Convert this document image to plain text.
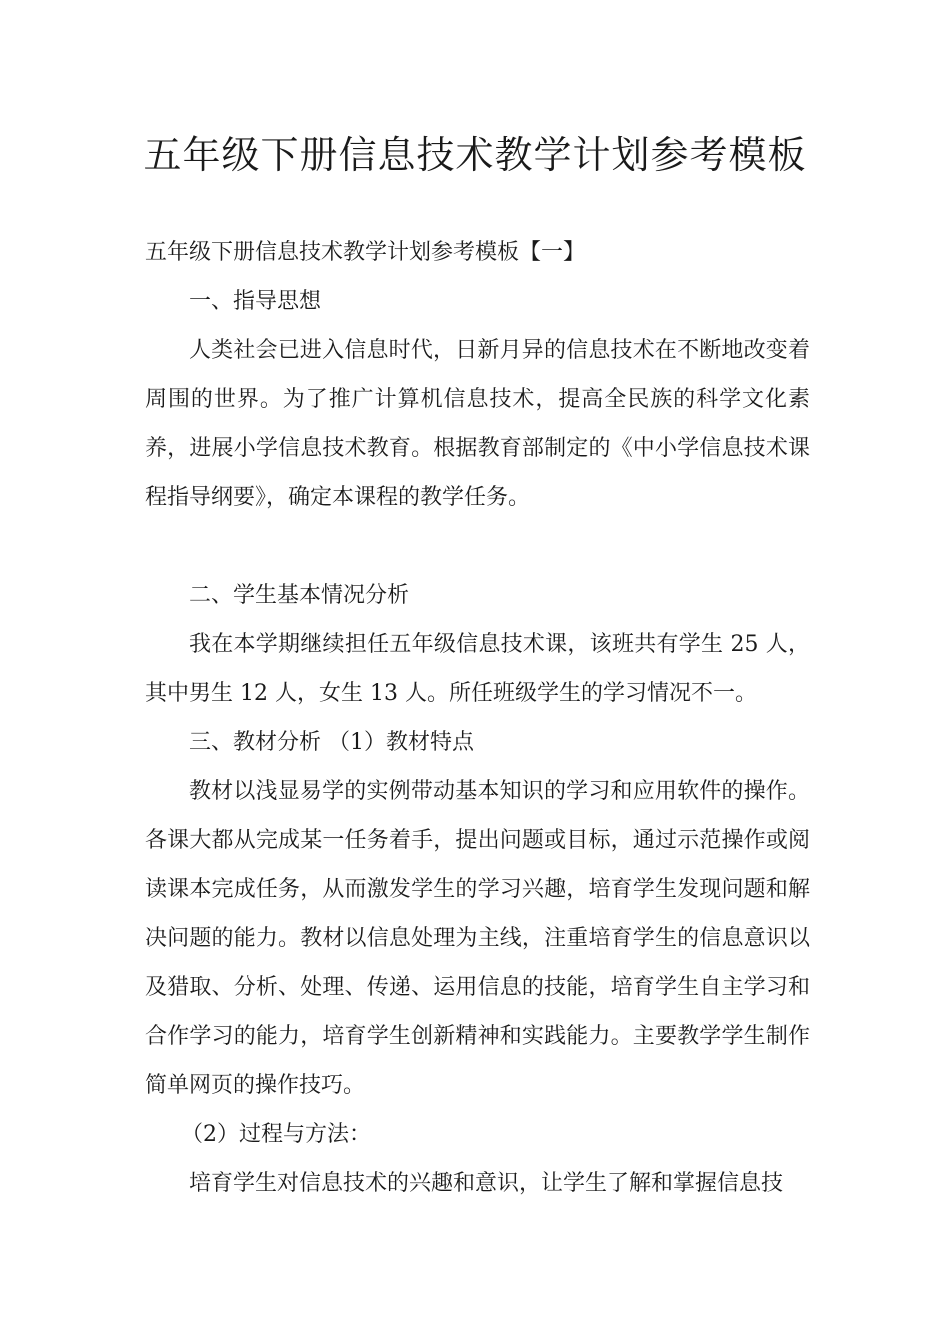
五年级下册信息技术教学计划参考模板

五年级下册信息技术教学计划参考模板【一】

一、指导思想

人类社会已进入信息时代，日新月异的信息技术在不断地改变着周围的世界。为了推广计算机信息技术，提高全民族的科学文化素养，进展小学信息技术教育。根据教育部制定的《中小学信息技术课程指导纲要》，确定本课程的教学任务。

二、学生基本情况分析

我在本学期继续担任五年级信息技术课，该班共有学生 25 人，其中男生 12 人，女生 13 人。所任班级学生的学习情况不一。

三、教材分析 （1）教材特点

教材以浅显易学的实例带动基本知识的学习和应用软件的操作。各课大都从完成某一任务着手，提出问题或目标，通过示范操作或阅读课本完成任务，从而激发学生的学习兴趣，培育学生发现问题和解决问题的能力。教材以信息处理为主线，注重培育学生的信息意识以及猎取、分析、处理、传递、运用信息的技能，培育学生自主学习和合作学习的能力，培育学生创新精神和实践能力。主要教学学生制作简单网页的操作技巧。

（2）过程与方法：

培育学生对信息技术的兴趣和意识，让学生了解和掌握信息技
